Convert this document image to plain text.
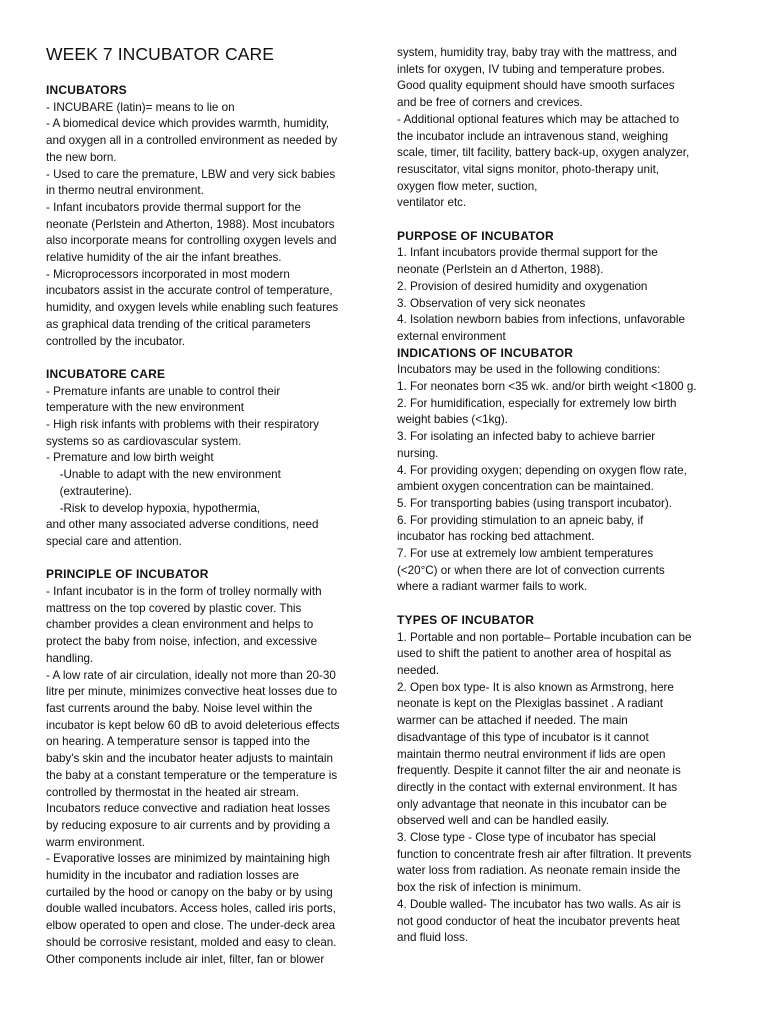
WEEK 7 INCUBATOR CARE
INCUBATORS

- INCUBARE (latin)= means to lie on

- A biomedical device which provides warmth, humidity,
and oxygen all in a controlled environment as needed by
the new born.

- Used to care the premature, LBW and very sick babies
in thermo neutral environment.

- Infant incubators provide thermal support for the
neonate (Perlstein and Atherton, 1988). Most incubators
also incorporate means for controlling oxygen levels and
relative humidity of the air the infant breathes.

- Microprocessors incorporated in most modern
incubators assist in the accurate control of temperature,
humidity, and oxygen levels while enabling such features
as graphical data trending of the critical parameters
controlled by the incubator.

INCUBATORE CARE

- Premature infants are unable to control their
temperature with the new environment

- High risk infants with problems with their respiratory
systems so as cardiovascular system.

- Premature and low birth weight

-Unable to adapt with the new environment
(extrauterine).

-Risk to develop hypoxia, hypothermia,

and other many associated adverse conditions, need
special care and attention.

PRINCIPLE OF INCUBATOR

- Infant incubator is in the form of trolley normally with
mattress on the top covered by plastic cover. This
chamber provides a clean environment and helps to
protect the baby from noise, infection, and excessive
handling.

- A low rate of air circulation, ideally not more than 20-30
litre per minute, minimizes convective heat losses due to
fast currents around the baby. Noise level within the
incubator is kept below 60 dB to avoid deleterious effects
on hearing. A temperature sensor is tapped into the
baby's skin and the incubator heater adjusts to maintain
the baby at a constant temperature or the temperature is
controlled by thermostat in the heated air stream.
Incubators reduce convective and radiation heat losses
by reducing exposure to air currents and by providing a
warm environment.

- Evaporative losses are minimized by maintaining high
humidity in the incubator and radiation losses are
curtailed by the hood or canopy on the baby or by using
double walled incubators. Access holes, called iris ports,
elbow operated to open and close. The under-deck area
should be corrosive resistant, molded and easy to clean.
Other components include air inlet, filter, fan or blower

system, humidity tray, baby tray with the mattress, and
inlets for oxygen, IV tubing and temperature probes.
Good quality equipment should have smooth surfaces
and be free of corners and crevices.

- Additional optional features which may be attached to
the incubator include an intravenous stand, weighing
scale, timer, tilt facility, battery back-up, oxygen analyzer,
resuscitator, vital signs monitor, photo-therapy unit,
oxygen flow meter, suction,
ventilator etc.

PURPOSE OF INCUBATOR

1. Infant incubators provide thermal support for the
neonate (Perlstein an d Atherton, 1988).

2. Provision of desired humidity and oxygenation

3. Observation of very sick neonates

4. Isolation newborn babies from infections, unfavorable
external environment

INDICATIONS OF INCUBATOR

Incubators may be used in the following conditions:

1. For neonates born <35 wk. and/or birth weight <1800 g.

2. For humidification, especially for extremely low birth
weight babies (<1kg).

3. For isolating an infected baby to achieve barrier
nursing.

4. For providing oxygen; depending on oxygen flow rate,
ambient oxygen concentration can be maintained.

5. For transporting babies (using transport incubator).

6. For providing stimulation to an apneic baby, if
incubator has rocking bed attachment.

7. For use at extremely low ambient temperatures
(<20°C) or when there are lot of convection currents
where a radiant warmer fails to work.

TYPES OF INCUBATOR

1. Portable and non portable– Portable incubation can be
used to shift the patient to another area of hospital as
needed.

2. Open box type- It is also known as Armstrong, here
neonate is kept on the Plexiglas bassinet . A radiant
warmer can be attached if needed. The main
disadvantage of this type of incubator is it cannot
maintain thermo neutral environment if lids are open
frequently. Despite it cannot filter the air and neonate is
directly in the contact with external environment. It has
only advantage that neonate in this incubator can be
observed well and can be handled easily.

3. Close type - Close type of incubator has special
function to concentrate fresh air after filtration. It prevents
water loss from radiation. As neonate remain inside the
box the risk of infection is minimum.

4. Double walled- The incubator has two walls. As air is
not good conductor of heat the incubator prevents heat
and fluid loss.
